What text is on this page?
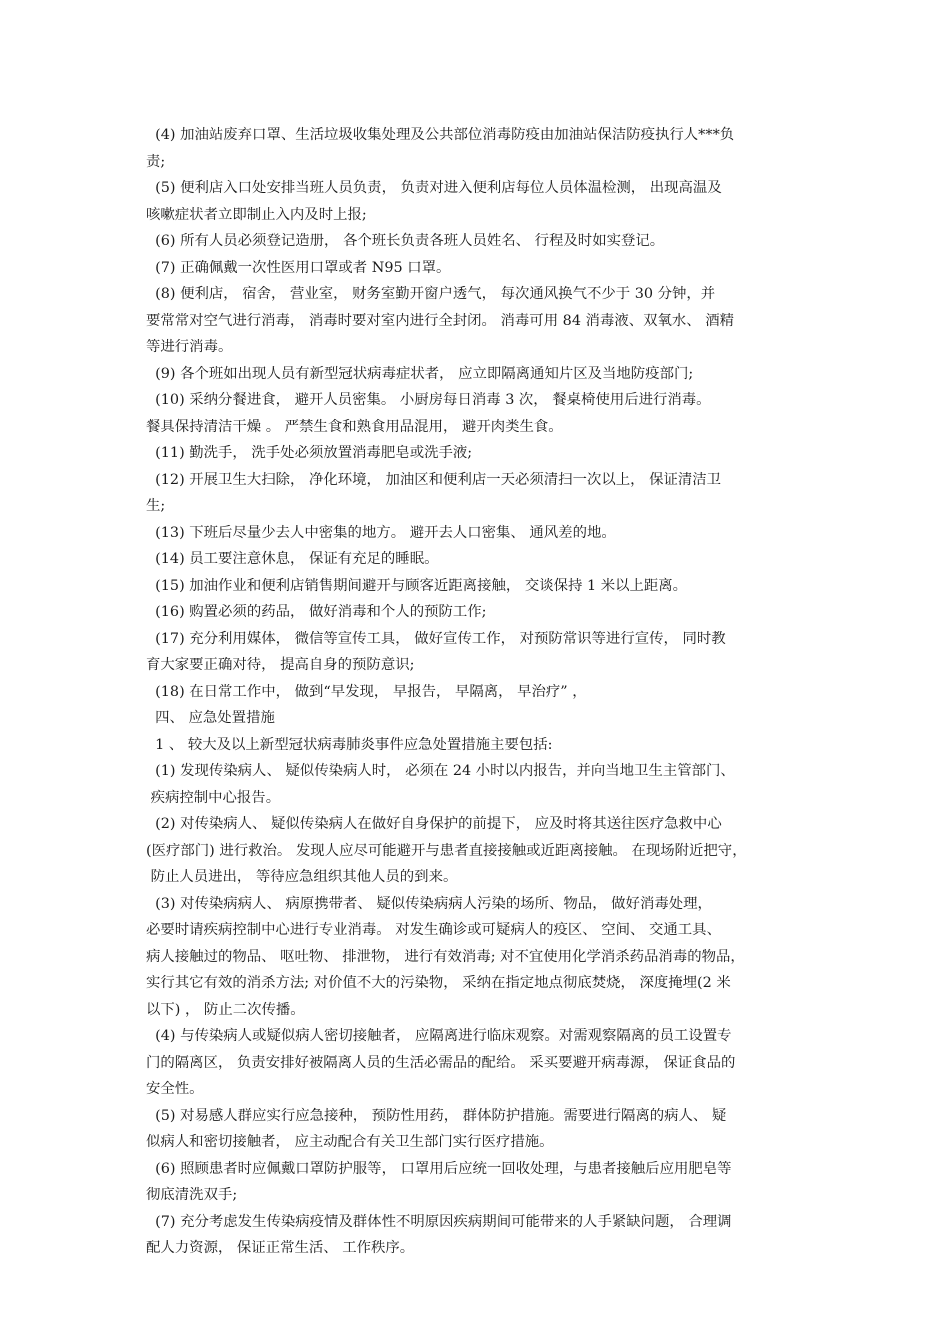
(4) 加油站废弃口罩、生活垃圾收集处理及公共部位消毒防疫由加油站保洁防疫执行人***负
责;
(5) 便利店入口处安排当班人员负责， 负责对进入便利店每位人员体温检测， 出现高温及
咳嗽症状者立即制止入内及时上报;
(6) 所有人员必须登记造册， 各个班长负责各班人员姓名、 行程及时如实登记。
(7) 正确佩戴一次性医用口罩或者 N95 口罩。
(8) 便利店， 宿舍， 营业室， 财务室勤开窗户透气， 每次通风换气不少于 30 分钟，并
要常常对空气进行消毒， 消毒时要对室内进行全封闭。 消毒可用 84 消毒液、双氧水、 酒精
等进行消毒。
(9) 各个班如出现人员有新型冠状病毒症状者， 应立即隔离通知片区及当地防疫部门;
(10) 采纳分餐进食， 避开人员密集。 小厨房每日消毒 3 次， 餐桌椅使用后进行消毒。
餐具保持清洁干燥 。 严禁生食和熟食用品混用， 避开肉类生食。
(11) 勤洗手， 洗手处必须放置消毒肥皂或洗手液;
(12) 开展卫生大扫除， 净化环境， 加油区和便利店一天必须清扫一次以上， 保证清洁卫
生;
(13) 下班后尽量少去人中密集的地方。 避开去人口密集、 通风差的地。
(14) 员工要注意休息， 保证有充足的睡眠。
(15) 加油作业和便利店销售期间避开与顾客近距离接触， 交谈保持 1 米以上距离。
(16) 购置必须的药品， 做好消毒和个人的预防工作;
(17) 充分利用媒体， 微信等宣传工具， 做好宣传工作， 对预防常识等进行宣传， 同时教
育大家要正确对待， 提高自身的预防意识;
(18) 在日常工作中， 做到“早发现， 早报告， 早隔离， 早治疗” ，
四、 应急处置措施
1 、 较大及以上新型冠状病毒肺炎事件应急处置措施主要包括:
(1) 发现传染病人、 疑似传染病人时， 必须在 24 小时以内报告，并向当地卫生主管部门、
疾病控制中心报告。
(2) 对传染病人、 疑似传染病人在做好自身保护的前提下， 应及时将其送往医疗急救中心
(医疗部门) 进行救治。 发现人应尽可能避开与患者直接接触或近距离接触。 在现场附近把守，
防止人员进出， 等待应急组织其他人员的到来。
(3) 对传染病病人、 病原携带者、 疑似传染病病人污染的场所、物品， 做好消毒处理，
必要时请疾病控制中心进行专业消毒。 对发生确诊或可疑病人的疫区、 空间、 交通工具、
病人接触过的物品、 呕吐物、 排泄物， 进行有效消毒; 对不宜使用化学消杀药品消毒的物品，
实行其它有效的消杀方法; 对价值不大的污染物， 采纳在指定地点彻底焚烧， 深度掩埋(2 米
以下) ， 防止二次传播。
(4) 与传染病人或疑似病人密切接触者， 应隔离进行临床观察。对需观察隔离的员工设置专
门的隔离区， 负责安排好被隔离人员的生活必需品的配给。 采买要避开病毒源， 保证食品的
安全性。
(5) 对易感人群应实行应急接种， 预防性用药， 群体防护措施。需要进行隔离的病人、 疑
似病人和密切接触者， 应主动配合有关卫生部门实行医疗措施。
(6) 照顾患者时应佩戴口罩防护服等， 口罩用后应统一回收处理，与患者接触后应用肥皂等
彻底清洗双手;
(7) 充分考虑发生传染病疫情及群体性不明原因疾病期间可能带来的人手紧缺问题， 合理调
配人力资源， 保证正常生活、 工作秩序。
